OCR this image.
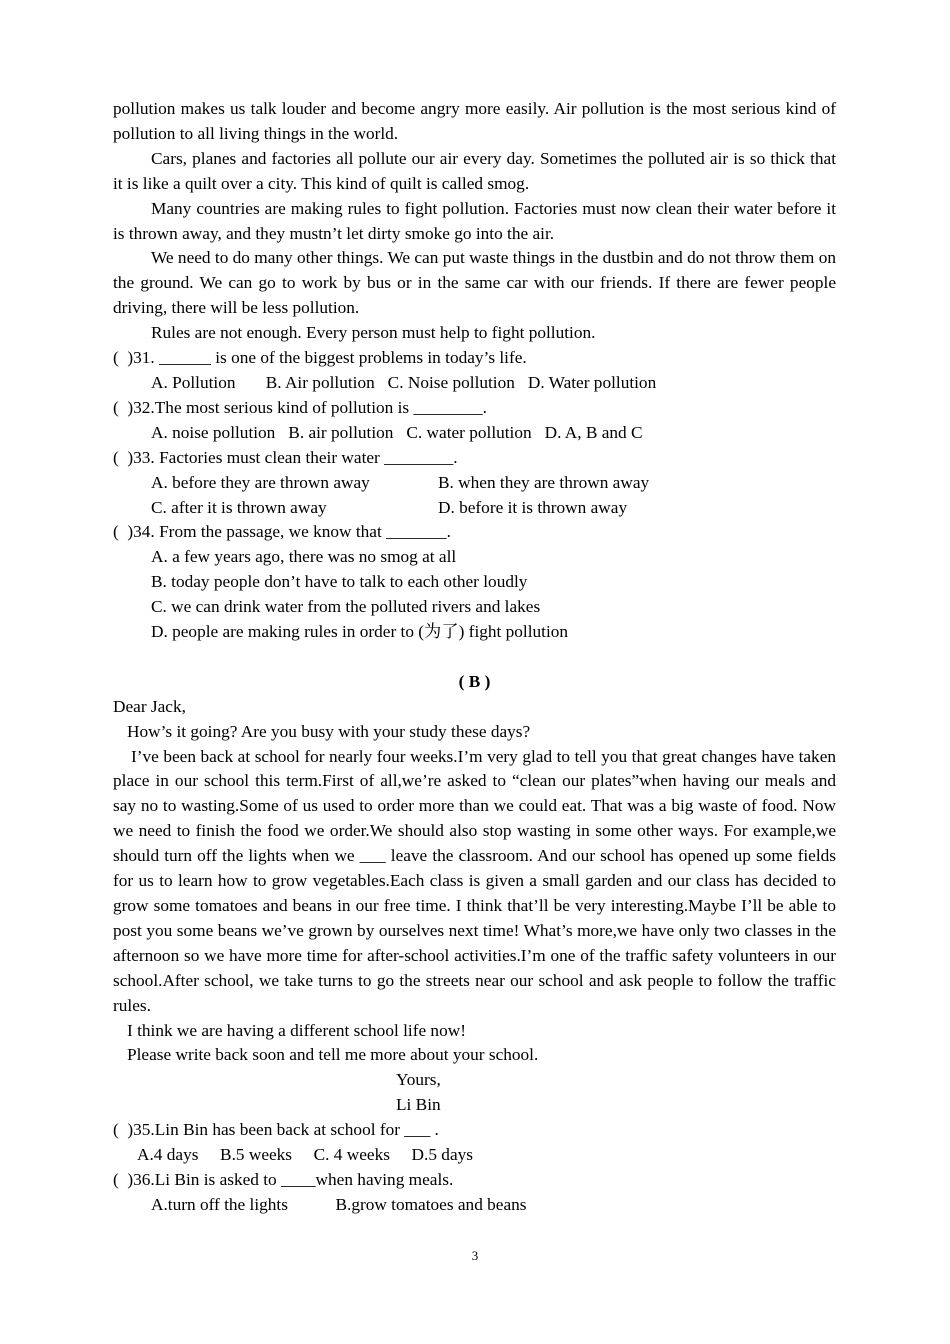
pollution makes us talk louder and become angry more easily. Air pollution is the most serious kind of pollution to all living things in the world.

Cars, planes and factories all pollute our air every day. Sometimes the polluted air is so thick that it is like a quilt over a city. This kind of quilt is called smog.

Many countries are making rules to fight pollution. Factories must now clean their water before it is thrown away, and they mustn’t let dirty smoke go into the air.

We need to do many other things. We can put waste things in the dustbin and do not throw them on the ground. We can go to work by bus or in the same car with our friends. If there are fewer people driving, there will be less pollution.

Rules are not enough. Every person must help to fight pollution.

(  )31. ______ is one of the biggest problems in today’s life.

A. Pollution       B. Air pollution   C. Noise pollution   D. Water pollution

(  )32.The most serious kind of pollution is ________.

A. noise pollution   B. air pollution   C. water pollution   D. A, B and C

(  )33. Factories must clean their water ________.

A. before they are thrown away	B. when they are thrown away
C. after it is thrown away	D. before it is thrown away

(  )34. From the passage, we know that _______.

A. a few years ago, there was no smog at all

B. today people don’t have to talk to each other loudly

C. we can drink water from the polluted rivers and lakes

D. people are making rules in order to (为了) fight pollution

( B )

Dear Jack,

How’s it going? Are you busy with your study these days?

I’ve been back at school for nearly four weeks.I’m very glad to tell you that great changes have taken place in our school this term.First of all,we’re asked to “clean our plates”when having our meals and say no to wasting.Some of us used to order more than we could eat. That was a big waste of food. Now we need to finish the food we order.We should also stop wasting in some other ways. For example,we should turn off the lights when we ___ leave the classroom. And our school has opened up some fields for us to learn how to grow vegetables.Each class is given a small garden and our class has decided to grow some tomatoes and beans in our free time. I think that’ll be very interesting.Maybe I’ll be able to post you some beans we’ve grown by ourselves next time! What’s more,we have only two classes in the afternoon so we have more time for after-school activities.I’m one of the traffic safety volunteers in our school.After school, we take turns to go the streets near our school and ask people to follow the traffic rules.

I think we are having a different school life now!

Please write back soon and tell me more about your school.

Yours,

Li Bin

(  )35.Lin Bin has been back at school for ___ .

A.4 days     B.5 weeks     C. 4 weeks     D.5 days

(  )36.Li Bin is asked to ____when having meals.

A.turn off the lights           B.grow tomatoes and beans

3
